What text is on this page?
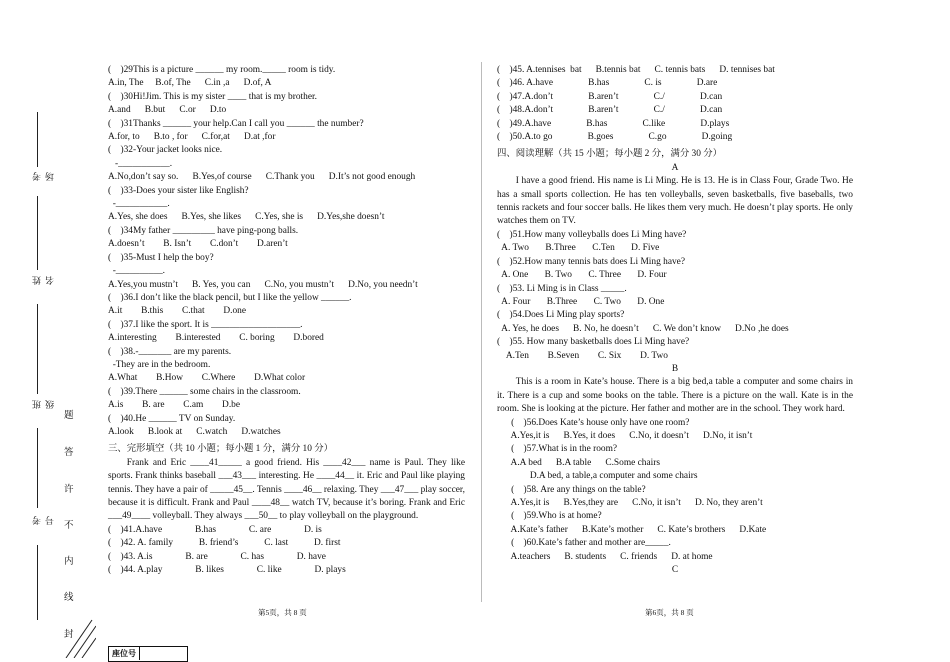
考场
姓名
班级
考号
题
答
许
不
内
线
封
(    )29This is a picture ______ my room._____ room is tidy.
A.in, The     B.of, The      C.in ,a      D.of, A
(    )30Hi!Jim. This is my sister ____ that is my brother.
A.and      B.but      C.or      D.to
(    )31Thanks ______ your help.Can I call you ______ the number?
A.for, to      B.to , for      C.for,at      D.at ,for
(    )32-Your jacket looks nice.
-___________.
A.No,don’t say so.      B.Yes,of course      C.Thank you      D.It’s not good enough
(    )33-Does your sister like English?
-___________.
A.Yes, she does      B.Yes, she likes      C.Yes, she is      D.Yes,she doesn’t
(    )34My father _________ have ping-pong balls.
A.doesn’t        B. Isn’t        C.don’t        D.aren’t
(    )35-Must I help the boy?
-__________.
A.Yes,you mustn’t      B. Yes, you can      C.No, you mustn’t      D.No, you needn’t
(    )36.I don’t like the black pencil, but I like the yellow ______.
A.it        B.this        C.that        D.one
(    )37.I like the sport. It is ___________________.
A.interesting        B.interested        C. boring        D.bored
(    )38.-_______ are my parents.
-They are in the bedroom.
A.What        B.How        C.Where        D.What color
(    )39.There ______ some chairs in the classroom.
A.is        B. are        C.am        D.be
(    )40.He ______ TV on Sunday.
A.look      B.look at      C.watch      D.watches
三、完形填空（共 10 小题；每小题 1 分，满分 10 分）
Frank and Eric ____41_____ a good friend. His ____42___ name is Paul. They like sports. Frank thinks baseball ___43___ interesting. He ____44__ it. Eric and Paul like playing tennis. They have a pair of _____45__. Tennis ____46__ relaxing. They ___47___ play soccer, because it is difficult. Frank and Paul ____48__ watch TV, because it’s boring. Frank and Eric ___49____ volleyball. They always ___50__ to play volleyball on the playground.
(    )41.A.have              B.has              C. are              D. is
(    )42. A. family           B. friend’s           C. last           D. first
(    )43. A.is              B. are              C. has              D. have
(    )44. A.play              B. likes              C. like              D. plays
(    )45. A.tennises  bat      B.tennis bat      C. tennis bats      D. tennises bat
(    )46. A.have               B.has               C. is               D.are
(    )47.A.don’t               B.aren’t               C./               D.can
(    )48.A.don’t               B.aren’t               C./               D.can
(    )49.A.have               B.has               C.like               D.plays
(    )50.A.to go               B.goes               C.go               D.going
四、阅读理解（共 15 小题；每小题 2 分，满分 30 分）
A
I have a good friend. His name is Li Ming. He is 13. He is in Class Four, Grade Two. He has a small sports collection. He has ten volleyballs, seven basketballs, five baseballs, two tennis rackets and four soccer balls. He likes them very much. He doesn’t play sports. He only watches them on TV.
(    )51.How many volleyballs does Li Ming have?
A. Two       B.Three       C.Ten       D. Five
(    )52.How many tennis bats does Li Ming have?
A. One       B. Two       C. Three       D. Four
(    )53. Li Ming is in Class _____.
A. Four       B.Three       C. Two       D. One
(    )54.Does Li Ming play sports?
A. Yes, he does      B. No, he doesn’t      C. We don’t know      D.No ,he does
(    )55. How many basketballs does Li Ming have?
A.Ten        B.Seven        C. Six        D. Two
B
This is a room in Kate’s house. There is a big bed,a table a computer and some chairs in it. There is a cup and some books on the table. There is a picture on the wall. Kate is in the room. She is looking at the picture. Her father and mother are in the school. They work hard.
(    )56.Does Kate’s house only have one room?
A.Yes,it is      B.Yes, it does      C.No, it doesn’t      D.No, it isn’t
(    )57.What is in the room?
A.A bed      B.A table      C.Some chairs
D.A bed, a table,a computer and some chairs
(    )58. Are any things on the table?
A.Yes,it is      B.Yes,they are      C.No, it isn’t      D. No, they aren’t
(    )59.Who is at home?
A.Kate’s father      B.Kate’s mother      C. Kate’s brothers      D.Kate
(    )60.Kate’s father and mother are_____.
A.teachers      B. students      C. friends      D. at home
C
第5页，共 8 页	第6页，共 8 页
座位号
